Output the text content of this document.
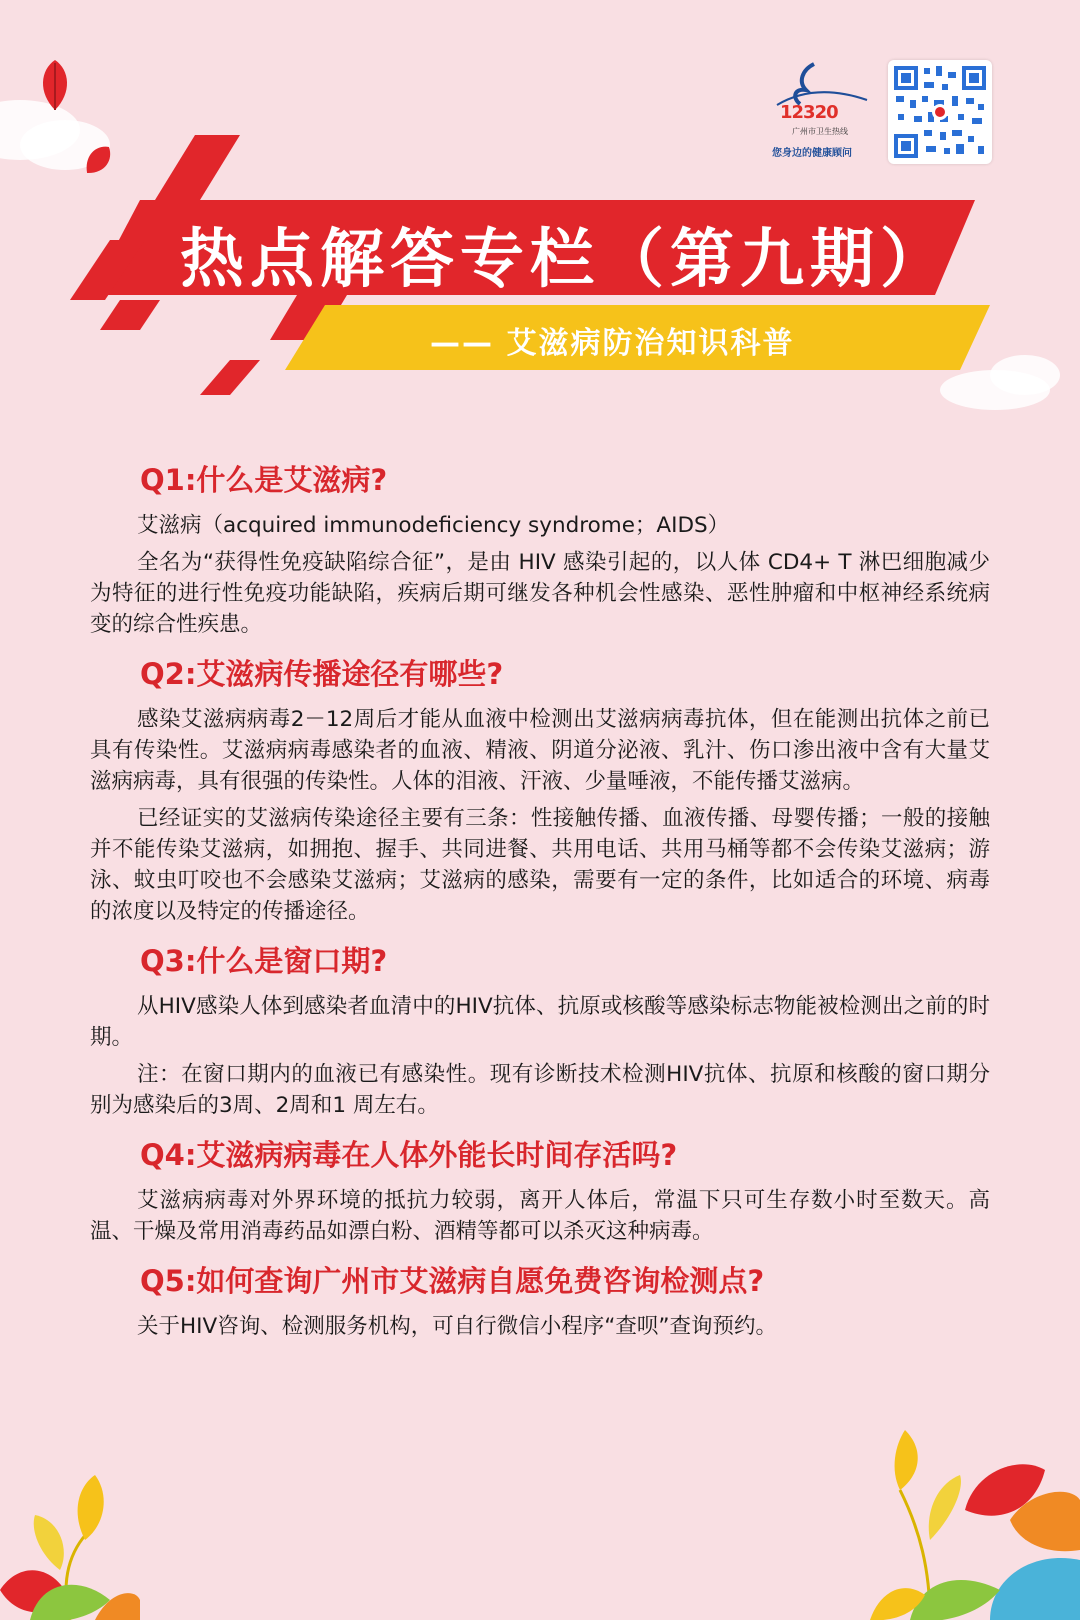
热点解答专栏（第九期）
—— 艾滋病防治知识科普
12320
广州市卫生热线
您身边的健康顾问
Q1:什么是艾滋病?

艾滋病（acquired immunodeficiency syndrome；AIDS）

全名为“获得性免疫缺陷综合征”，是由 HIV 感染引起的，以人体 CD4+ T 淋巴细胞减少为特征的进行性免疫功能缺陷，疾病后期可继发各种机会性感染、恶性肿瘤和中枢神经系统病变的综合性疾患。

Q2:艾滋病传播途径有哪些?

感染艾滋病病毒2－12周后才能从血液中检测出艾滋病病毒抗体，但在能测出抗体之前已具有传染性。艾滋病病毒感染者的血液、精液、阴道分泌液、乳汁、伤口渗出液中含有大量艾滋病病毒，具有很强的传染性。人体的泪液、汗液、少量唾液，不能传播艾滋病。

已经证实的艾滋病传染途径主要有三条：性接触传播、血液传播、母婴传播；一般的接触并不能传染艾滋病，如拥抱、握手、共同进餐、共用电话、共用马桶等都不会传染艾滋病；游泳、蚊虫叮咬也不会感染艾滋病；艾滋病的感染，需要有一定的条件，比如适合的环境、病毒的浓度以及特定的传播途径。

Q3:什么是窗口期?

从HIV感染人体到感染者血清中的HIV抗体、抗原或核酸等感染标志物能被检测出之前的时期。

注：在窗口期内的血液已有感染性。现有诊断技术检测HIV抗体、抗原和核酸的窗口期分别为感染后的3周、2周和1 周左右。

Q4:艾滋病病毒在人体外能长时间存活吗?

艾滋病病毒对外界环境的抵抗力较弱，离开人体后，常温下只可生存数小时至数天。高温、干燥及常用消毒药品如漂白粉、酒精等都可以杀灭这种病毒。

Q5:如何查询广州市艾滋病自愿免费咨询检测点?

关于HIV咨询、检测服务机构，可自行微信小程序“查呗”查询预约。
